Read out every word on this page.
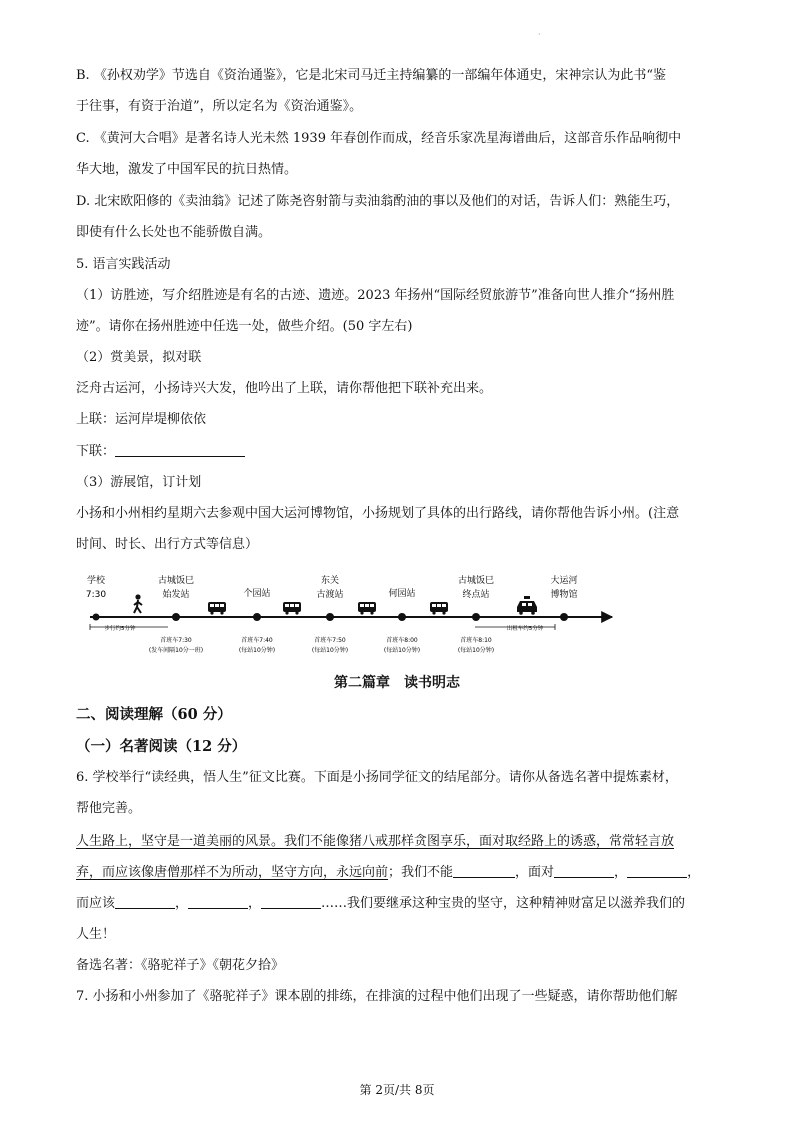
·

B. 《孙权劝学》节选自《资治通鉴》，它是北宋司马迁主持编纂的一部编年体通史，宋神宗认为此书“鉴

于往事，有资于治道”，所以定名为《资治通鉴》。

C. 《黄河大合唱》是著名诗人光未然 1939 年春创作而成，经音乐家冼星海谱曲后，这部音乐作品响彻中

华大地，激发了中国军民的抗日热情。

D. 北宋欧阳修的《卖油翁》记述了陈尧咨射箭与卖油翁酌油的事以及他们的对话，告诉人们：熟能生巧，

即使有什么长处也不能骄傲自满。

5. 语言实践活动

（1）访胜迹，写介绍胜迹是有名的古迹、遗迹。2023 年扬州“国际经贸旅游节”准备向世人推介“扬州胜

迹”。请你在扬州胜迹中任选一处，做些介绍。(50 字左右)

（2）赏美景，拟对联

泛舟古运河，小扬诗兴大发，他吟出了上联，请你帮他把下联补充出来。

上联：运河岸堤柳依依

下联：

（3）游展馆，订计划

小扬和小州相约星期六去参观中国大运河博物馆，小扬规划了具体的出行路线，请你帮他告诉小州。(注意

时间、时长、出行方式等信息）

学校
7:30
古城饭巳
始发站	个园站
东关
古渡站	何园站
古城饭巳
终点站
大运河
博物馆
步行约5分钟	出租车约5分钟
首班车7:30
(发车间隔10分一班)
首班车7:40
(每站10分钟)
首班车7:50
(每站10分钟)
首班车8:00
(每站10分钟)
首班车8:10
(每站10分钟)

第二篇章　读书明志

二、阅读理解（60 分）

（一）名著阅读（12 分）

6. 学校举行“读经典，悟人生”征文比赛。下面是小扬同学征文的结尾部分。请你从备选名著中提炼素材，

帮他完善。

人生路上，坚守是一道美丽的风景。我们不能像猪八戒那样贪图享乐，面对取经路上的诱惑，常常轻言放

弃，而应该像唐僧那样不为所动，坚守方向，永远向前；我们不能	，面对	，	，

而应该	，	，	……我们要继承这种宝贵的坚守，这种精神财富足以滋养我们的

人生！

备选名著：《骆驼祥子》《朝花夕拾》

7. 小扬和小州参加了《骆驼祥子》课本剧的排练，在排演的过程中他们出现了一些疑惑，请你帮助他们解

第 2页/共 8页
